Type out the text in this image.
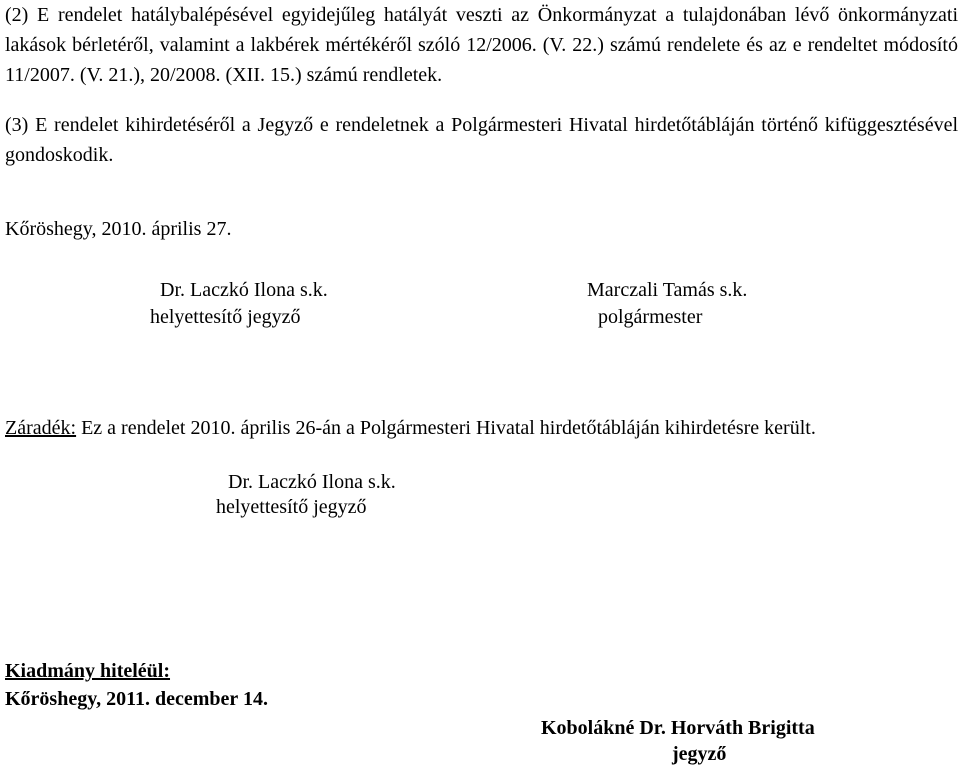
(2) E rendelet hatálybalépésével egyidejűleg hatályát veszti az Önkormányzat a tulajdonában lévő önkormányzati lakások bérletéről, valamint a lakbérek mértékéről szóló 12/2006. (V. 22.) számú rendelete és az e rendeltet módosító 11/2007. (V. 21.), 20/2008. (XII. 15.) számú rendletek.
(3) E rendelet kihirdetéséről a Jegyző e rendeletnek a Polgármesteri Hivatal hirdetőtábláján történő kifüggesztésével gondoskodik.
Kőröshegy, 2010. április 27.
Dr. Laczkó Ilona s.k.
helyettesítő jegyző
Marczali Tamás s.k.
polgármester
Záradék: Ez a rendelet 2010. április 26-án a Polgármesteri Hivatal hirdetőtábláján kihirdetésre került.
Dr. Laczkó Ilona s.k.
helyettesítő jegyző
Kiadmány hiteléül:
Kőröshegy, 2011. december 14.
Kobolákné Dr. Horváth Brigitta
jegyző
